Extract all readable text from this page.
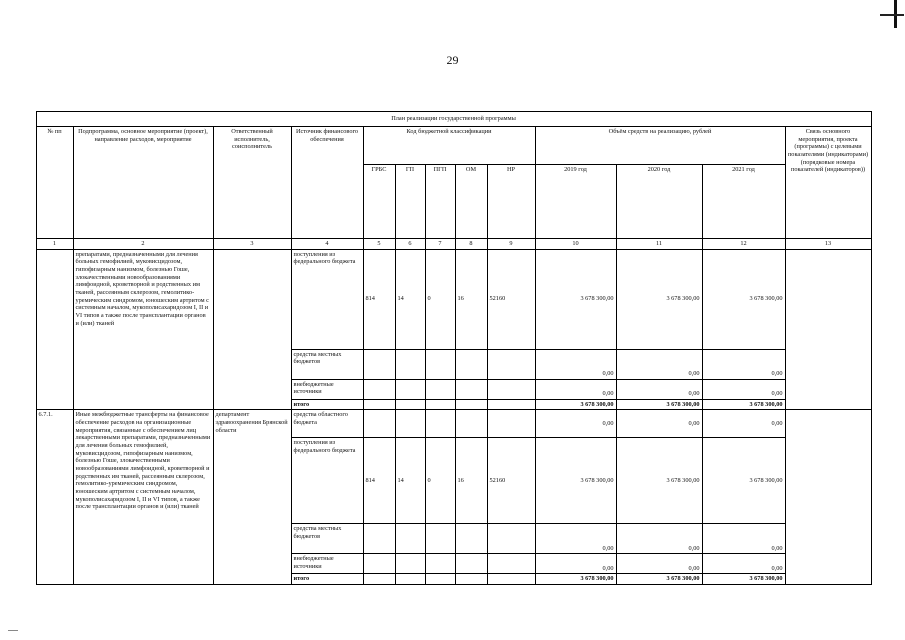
29
План реализации государственной программы												
№ пп	Подпрограмма, основное мероприятие (проект), направление расходов, мероприятие	Ответственный исполнитель, соисполнитель	Источник финансового обеспечения	Код бюджетной классификации					Объём средств на реализацию, рублей			Связь основного мероприятия, проекта (программы) с целевыми показателями (индикаторами) (порядковые номера показателей (индикаторов))
				ГРБС	ГП	ПГП	ОМ	НР	2019 год	2020 год	2021 год	
1	2	3	4	5	6	7	8	9	10	11	12	13
	препаратами, предназначенными для лечения больных гемофилией, муковисцидозом, гипофизарным нанизмом, болезнью Гоше, злокачественными новообразованиями лимфоидной, кроветворной и родственных им тканей, рассеянным склерозом, гемолитико-уремическим синдромом, юношеским артритом с системным началом, мукополисахаридозом I, II и VI типов а также после трансплантации органов и (или) тканей		поступления из федерального бюджета	814	14	0	16	52160	3 678 300,00	3 678 300,00	3 678 300,00	
			средства местных бюджетов						0,00	0,00	0,00	
			внебюджетные источники						0,00	0,00	0,00	
			итого						3 678 300,00	3 678 300,00	3 678 300,00	
6.7.1.	Иные межбюджетные трансферты на финансовое обеспечение расходов на организационные мероприятия, связанные с обеспечением лиц лекарственными препаратами, предназначенными для лечения больных гемофилией, муковисцидозом, гипофизарным нанизмом, болезнью Гоше, злокачественными новообразованиями лимфоидной, кроветворной и родственных им тканей, рассеянным склерозом, гемолитико-уремическим синдромом, юношеским артритом с системным началом, мукополисахаридозом I, II и VI типов, а также после трансплантации органов и (или) тканей	департамент здравоохранения Брянской области	средства областного бюджета						0,00	0,00	0,00	
			поступления из федерального бюджета	814	14	0	16	52160	3 678 300,00	3 678 300,00	3 678 300,00	
			средства местных бюджетов						0,00	0,00	0,00	
			внебюджетные источники						0,00	0,00	0,00	
			итого						3 678 300,00	3 678 300,00	3 678 300,00	
